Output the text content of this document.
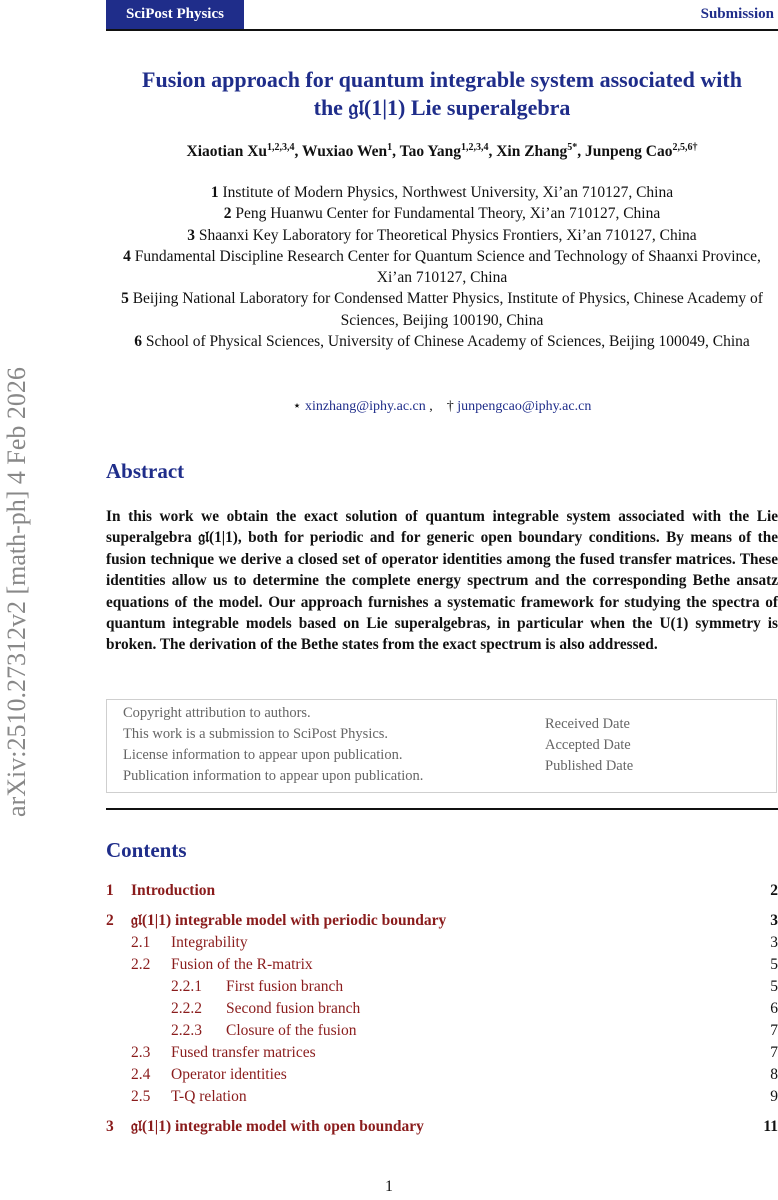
SciPost Physics	Submission
arXiv:2510.27312v2 [math-ph] 4 Feb 2026
Fusion approach for quantum integrable system associated with
the 𝔤𝔩(1|1) Lie superalgebra
Xiaotian Xu$^{1,2,3,4}$, Wuxiao Wen$^1$, Tao Yang$^{1,2,3,4}$, Xin Zhang$^{5*}$, Junpeng Cao$^{2,5,6\dagger}$
1 Institute of Modern Physics, Northwest University, Xi’an 710127, China
2 Peng Huanwu Center for Fundamental Theory, Xi’an 710127, China
3 Shaanxi Key Laboratory for Theoretical Physics Frontiers, Xi’an 710127, China
4 Fundamental Discipline Research Center for Quantum Science and Technology of Shaanxi Province, Xi’an 710127, China
5 Beijing National Laboratory for Condensed Matter Physics, Institute of Physics, Chinese Academy of Sciences, Beijing 100190, China
6 School of Physical Sciences, University of Chinese Academy of Sciences, Beijing 100049, China
⋆ xinzhang@iphy.ac.cn ,    † junpengcao@iphy.ac.cn
Abstract
In this work we obtain the exact solution of quantum integrable system associated with the Lie superalgebra 𝔤𝔩(1|1), both for periodic and for generic open boundary conditions. By means of the fusion technique we derive a closed set of operator identities among the fused transfer matrices. These identities allow us to determine the complete energy spectrum and the corresponding Bethe ansatz equations of the model. Our approach furnishes a systematic framework for studying the spectra of quantum integrable models based on Lie superalgebras, in particular when the U(1) symmetry is broken. The derivation of the Bethe states from the exact spectrum is also addressed.
Copyright attribution to authors.
This work is a submission to SciPost Physics.
License information to appear upon publication.
Publication information to appear upon publication.
Received Date
Accepted Date
Published Date
Contents
1 Introduction	2
2 𝔤𝔩(1|1) integrable model with periodic boundary	3
2.1 Integrability	3
2.2 Fusion of the R-matrix	5
2.2.1 First fusion branch	5
2.2.2 Second fusion branch	6
2.2.3 Closure of the fusion	7
2.3 Fused transfer matrices	7
2.4 Operator identities	8
2.5 T-Q relation	9
3 𝔤𝔩(1|1) integrable model with open boundary	11
1
